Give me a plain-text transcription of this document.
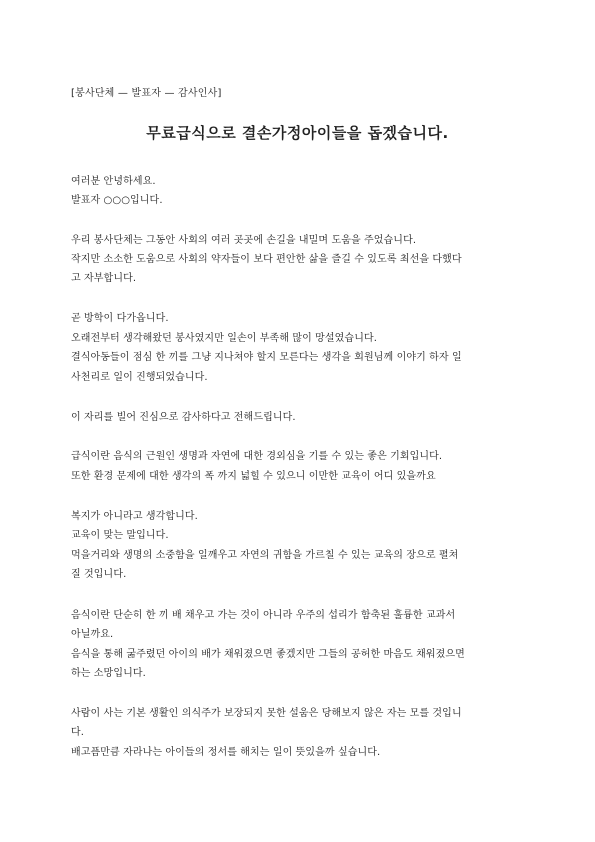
[봉사단체 — 발표자 — 감사인사]
무료급식으로 결손가정아이들을 돕겠습니다.
여러분 안녕하세요.
발표자 ○○○입니다.
우리 봉사단체는 그동안 사회의 여러 곳곳에 손길을 내밀며 도움을 주었습니다.
작지만 소소한 도움으로 사회의 약자들이 보다 편안한 삶을 즐길 수 있도록 최선을 다했다
고 자부합니다.
곧 방학이 다가옵니다.
오래전부터 생각해왔던 봉사였지만 일손이 부족해 많이 망설였습니다.
결식아동들이 점심 한 끼를 그냥 지나쳐야 할지 모른다는 생각을 회원님께 이야기 하자 일
사천리로 일이 진행되었습니다.
이 자리를 빌어 진심으로 감사하다고 전해드립니다.
급식이란 음식의 근원인 생명과 자연에 대한 경외심을 기를 수 있는 좋은 기회입니다.
또한 환경 문제에 대한 생각의 폭 까지 넓힐 수 있으니 이만한 교육이 어디 있을까요
복지가 아니라고 생각합니다.
교육이 맞는 말입니다.
먹을거리와 생명의 소중함을 일깨우고 자연의 귀함을 가르칠 수 있는 교육의 장으로 펼쳐
질 것입니다.
음식이란 단순히 한 끼 배 채우고 가는 것이 아니라 우주의 섭리가 함축된 훌륭한 교과서
아닐까요.
음식을 통해 굶주렸던 아이의 배가 채워졌으면 좋겠지만 그들의 공허한 마음도 채워졌으면
하는 소망입니다.
사람이 사는 기본 생활인 의식주가 보장되지 못한 설움은 당해보지 않은 자는 모를 것입니
다.
배고픔만큼 자라나는 아이들의 정서를 해치는 일이 뜻있을까 싶습니다.
